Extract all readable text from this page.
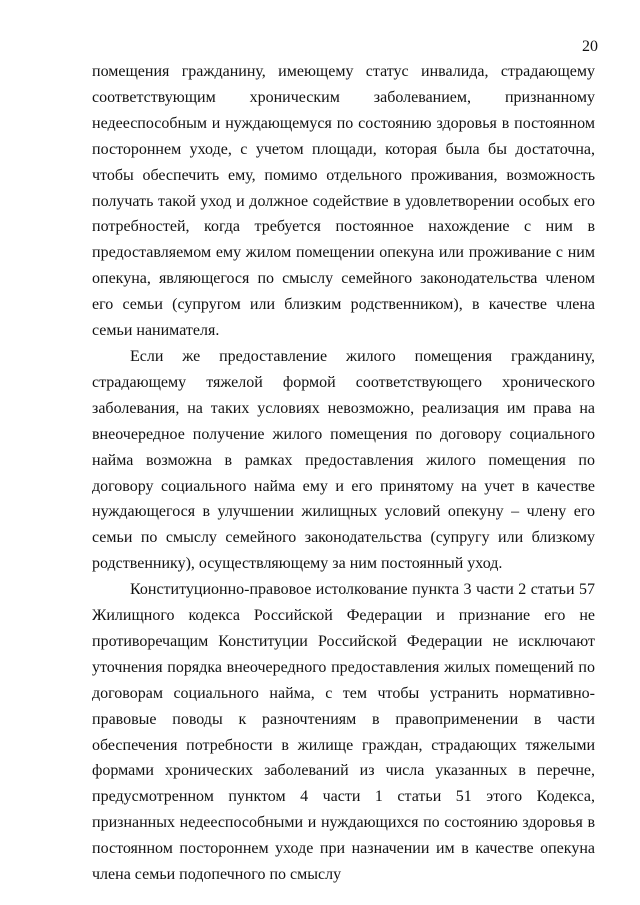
20

помещения гражданину, имеющему статус инвалида, страдающему соответствующим хроническим заболеванием, признанному недееспособным и нуждающемуся по состоянию здоровья в постоянном постороннем уходе, с учетом площади, которая была бы достаточна, чтобы обеспечить ему, помимо отдельного проживания, возможность получать такой уход и должное содействие в удовлетворении особых его потребностей, когда требуется постоянное нахождение с ним в предоставляемом ему жилом помещении опекуна или проживание с ним опекуна, являющегося по смыслу семейного законодательства членом его семьи (супругом или близким родственником), в качестве члена семьи нанимателя.

Если же предоставление жилого помещения гражданину, страдающему тяжелой формой соответствующего хронического заболевания, на таких условиях невозможно, реализация им права на внеочередное получение жилого помещения по договору социального найма возможна в рамках предоставления жилого помещения по договору социального найма ему и его принятому на учет в качестве нуждающегося в улучшении жилищных условий опекуну – члену его семьи по смыслу семейного законодательства (супругу или близкому родственнику), осуществляющему за ним постоянный уход.

Конституционно-правовое истолкование пункта 3 части 2 статьи 57 Жилищного кодекса Российской Федерации и признание его не противоречащим Конституции Российской Федерации не исключают уточнения порядка внеочередного предоставления жилых помещений по договорам социального найма, с тем чтобы устранить нормативно-правовые поводы к разночтениям в правоприменении в части обеспечения потребности в жилище граждан, страдающих тяжелыми формами хронических заболеваний из числа указанных в перечне, предусмотренном пунктом 4 части 1 статьи 51 этого Кодекса, признанных недееспособными и нуждающихся по состоянию здоровья в постоянном постороннем уходе при назначении им в качестве опекуна члена семьи подопечного по смыслу
